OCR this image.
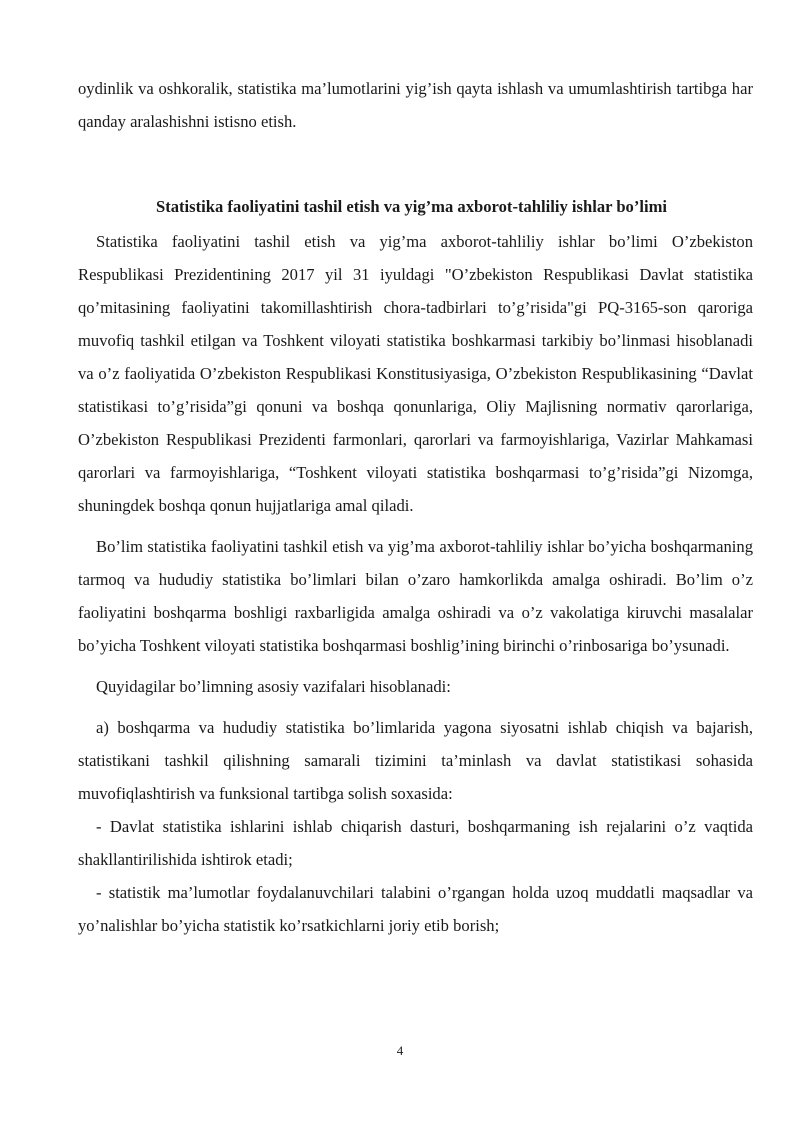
oydinlik va oshkoralik, statistika ma’lumotlarini yig’ish qayta ishlash va umumlashtirish tartibga har qanday aralashishni istisno etish.

Statistika faoliyatini tashil etish va yig’ma axborot-tahliliy ishlar bo’limi

Statistika faoliyatini tashil etish va yig’ma axborot-tahliliy ishlar bo’limi O’zbekiston Respublikasi Prezidentining 2017 yil 31 iyuldagi "O’zbekiston Respublikasi Davlat statistika qo’mitasining faoliyatini takomillashtirish chora-tadbirlari to’g’risida"gi PQ-3165-son qaroriga muvofiq tashkil etilgan va Toshkent viloyati statistika boshkarmasi tarkibiy bo’linmasi hisoblanadi va o’z faoliyatida O’zbekiston Respublikasi Konstitusiyasiga, O’zbekiston Respublikasining “Davlat statistikasi to’g’risida”gi qonuni va boshqa qonunlariga, Oliy Majlisning normativ qarorlariga, O’zbekiston Respublikasi Prezidenti farmonlari, qarorlari va farmoyishlariga, Vazirlar Mahkamasi qarorlari va farmoyishlariga, “Toshkent viloyati statistika boshqarmasi to’g’risida”gi Nizomga, shuningdek boshqa qonun hujjatlariga amal qiladi.

Bo’lim statistika faoliyatini tashkil etish va yig’ma axborot-tahliliy ishlar bo’yicha boshqarmaning tarmoq va hududiy statistika bo’limlari bilan o’zaro hamkorlikda amalga oshiradi. Bo’lim o’z faoliyatini boshqarma boshligi raxbarligida amalga oshiradi va o’z vakolatiga kiruvchi masalalar bo’yicha Toshkent viloyati statistika boshqarmasi boshlig’ining birinchi o’rinbosariga bo’ysunadi.

Quyidagilar bo’limning asosiy vazifalari hisoblanadi:

a) boshqarma va hududiy statistika bo’limlarida yagona siyosatni ishlab chiqish va bajarish, statistikani tashkil qilishning samarali tizimini ta’minlash va davlat statistikasi sohasida muvofiqlashtirish va funksional tartibga solish soxasida:

- Davlat statistika ishlarini ishlab chiqarish dasturi, boshqarmaning ish rejalarini o’z vaqtida shakllantirilishida ishtirok etadi;

- statistik ma’lumotlar foydalanuvchilari talabini o’rgangan holda uzoq muddatli maqsadlar va yo’nalishlar bo’yicha statistik ko’rsatkichlarni joriy etib borish;

4
